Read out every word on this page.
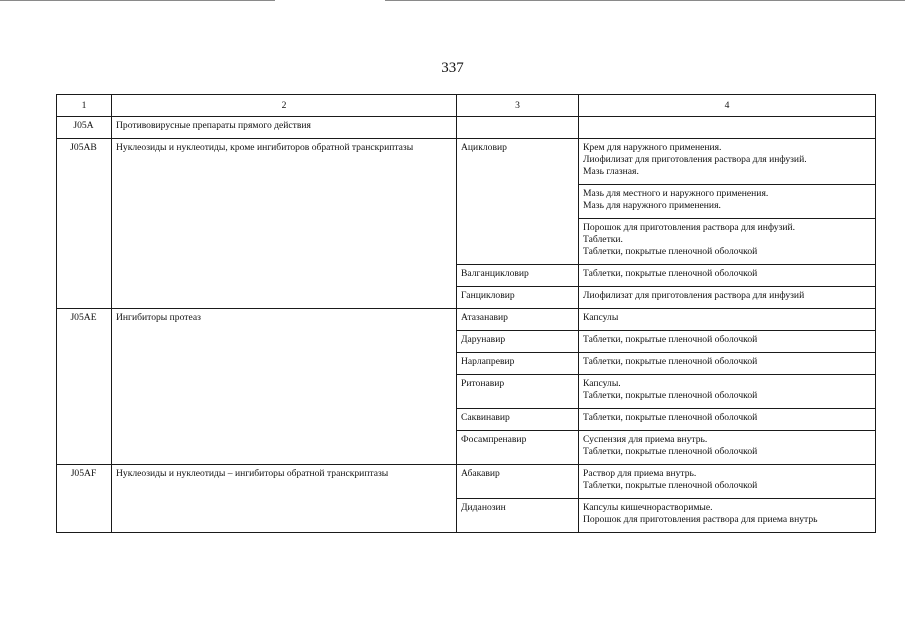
337
1	2	3	4
J05A	Противовирусные препараты прямого действия		
J05AB	Нуклеозиды и нуклеотиды, кроме ингибиторов обратной транскриптазы	Ацикловир	Крем для наружного применения.
Лиофилизат для приготовления раствора для инфузий.
Мазь глазная.

			Мазь для местного и наружного применения.
Мазь для наружного применения.

			Порошок для приготовления раствора для инфузий.
Таблетки.
Таблетки, покрытые пленочной оболочкой

		Валганцикловир	Таблетки, покрытые пленочной оболочкой

		Ганцикловир	Лиофилизат для приготовления раствора для инфузий

J05AE	Ингибиторы протеаз	Атазанавир	Капсулы

		Дарунавир	Таблетки, покрытые пленочной оболочкой

		Нарлапревир	Таблетки, покрытые пленочной оболочкой

		Ритонавир	Капсулы.
Таблетки, покрытые пленочной оболочкой

		Саквинавир	Таблетки, покрытые пленочной оболочкой

		Фосампренавир	Суспензия для приема внутрь.
Таблетки, покрытые пленочной оболочкой

J05AF	Нуклеозиды и нуклеотиды – ингибиторы обратной транскриптазы	Абакавир	Раствор для приема внутрь.
Таблетки, покрытые пленочной оболочкой

		Диданозин	Капсулы кишечнорастворимые.
Порошок для приготовления раствора для приема внутрь
